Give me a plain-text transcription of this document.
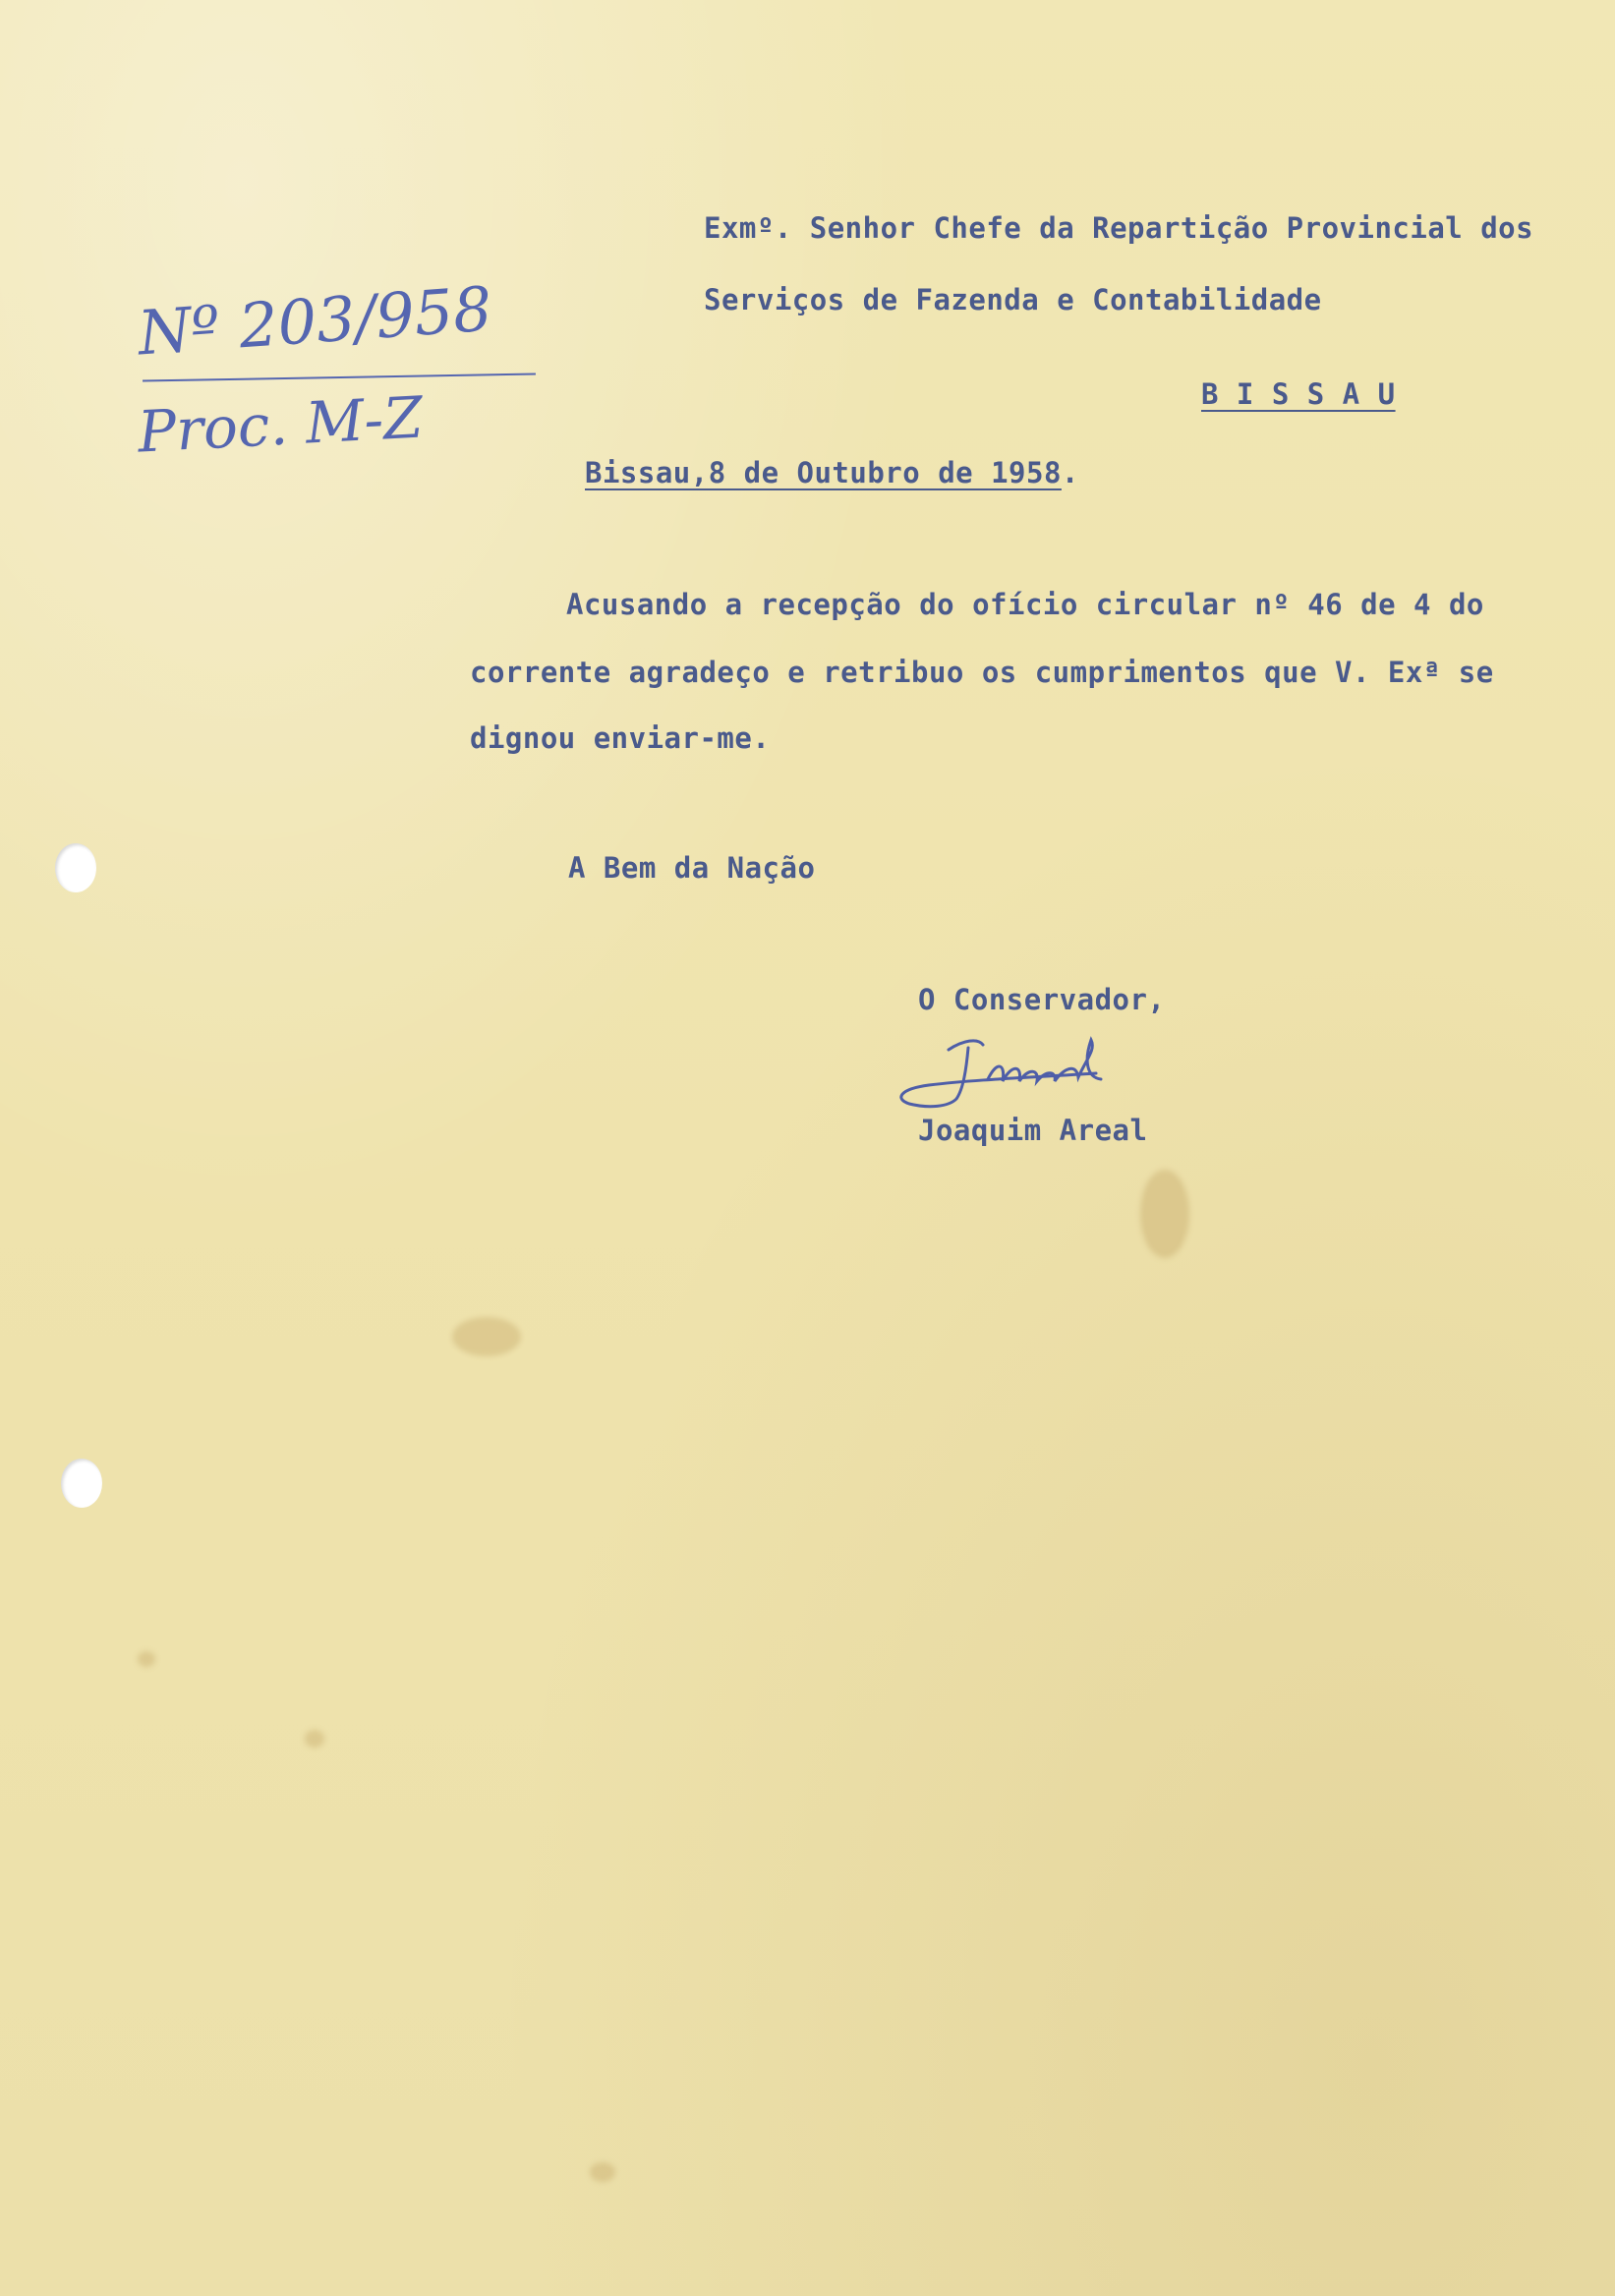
Nº 203/958
Proc. M-Z
Exmº. Senhor Chefe da Repartição Provincial dos
Serviços de Fazenda e Contabilidade
B I S S A U
Bissau,8 de Outubro de 1958.
Acusando a recepção do ofício circular nº 46 de 4 do
corrente agradeço e retribuo os cumprimentos que V. Exª se
dignou enviar-me.
A Bem da Nação
O Conservador,
Joaquim Areal
